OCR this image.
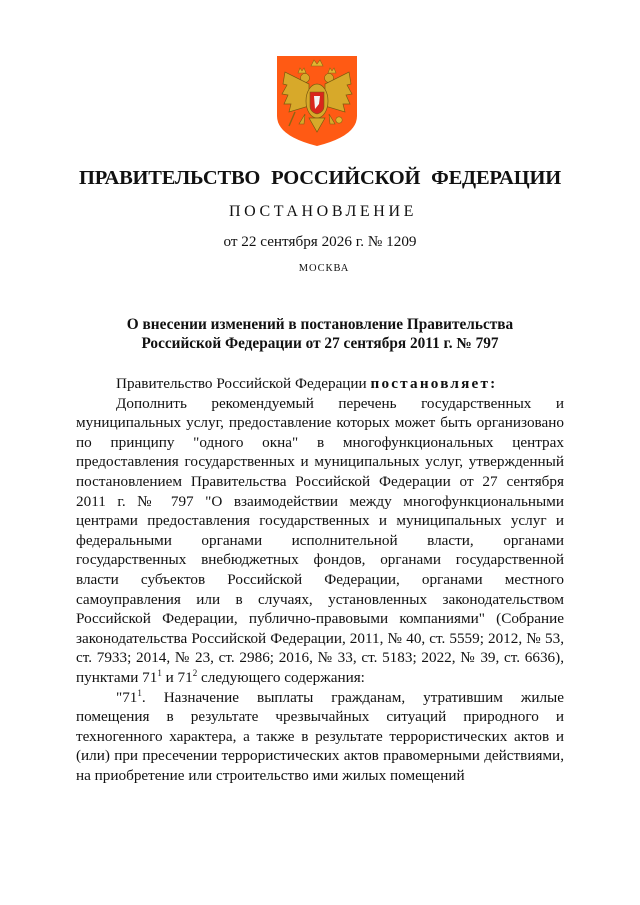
ПРАВИТЕЛЬСТВО РОССИЙСКОЙ ФЕДЕРАЦИИ
ПОСТАНОВЛЕНИЕ
от 22 сентября 2026 г. № 1209
МОСКВА
О внесении изменений в постановление Правительства
Российской Федерации от 27 сентября 2011 г. № 797

Правительство Российской Федерации постановляет:

Дополнить рекомендуемый перечень государственных и муниципальных услуг, предоставление которых может быть организовано по принципу "одного окна" в многофункциональных центрах предоставления государственных и муниципальных услуг, утвержденный постановлением Правительства Российской Федерации от 27 сентября 2011 г. № 797 "О взаимодействии между многофункциональными центрами предоставления государственных и муниципальных услуг и федеральными органами исполнительной власти, органами государственных внебюджетных фондов, органами государственной власти субъектов Российской Федерации, органами местного самоуправления или в случаях, установленных законодательством Российской Федерации, публично-правовыми компаниями" (Собрание законодательства Российской Федерации, 2011, № 40, ст. 5559; 2012, № 53, ст. 7933; 2014, № 23, ст. 2986; 2016, № 33, ст. 5183; 2022, № 39, ст. 6636), пунктами $71^1$ и $71^2$ следующего содержания:

"$71^1$. Назначение выплаты гражданам, утратившим жилые помещения в результате чрезвычайных ситуаций природного и техногенного характера, а также в результате террористических актов и (или) при пресечении террористических актов правомерными действиями, на приобретение или строительство ими жилых помещений
